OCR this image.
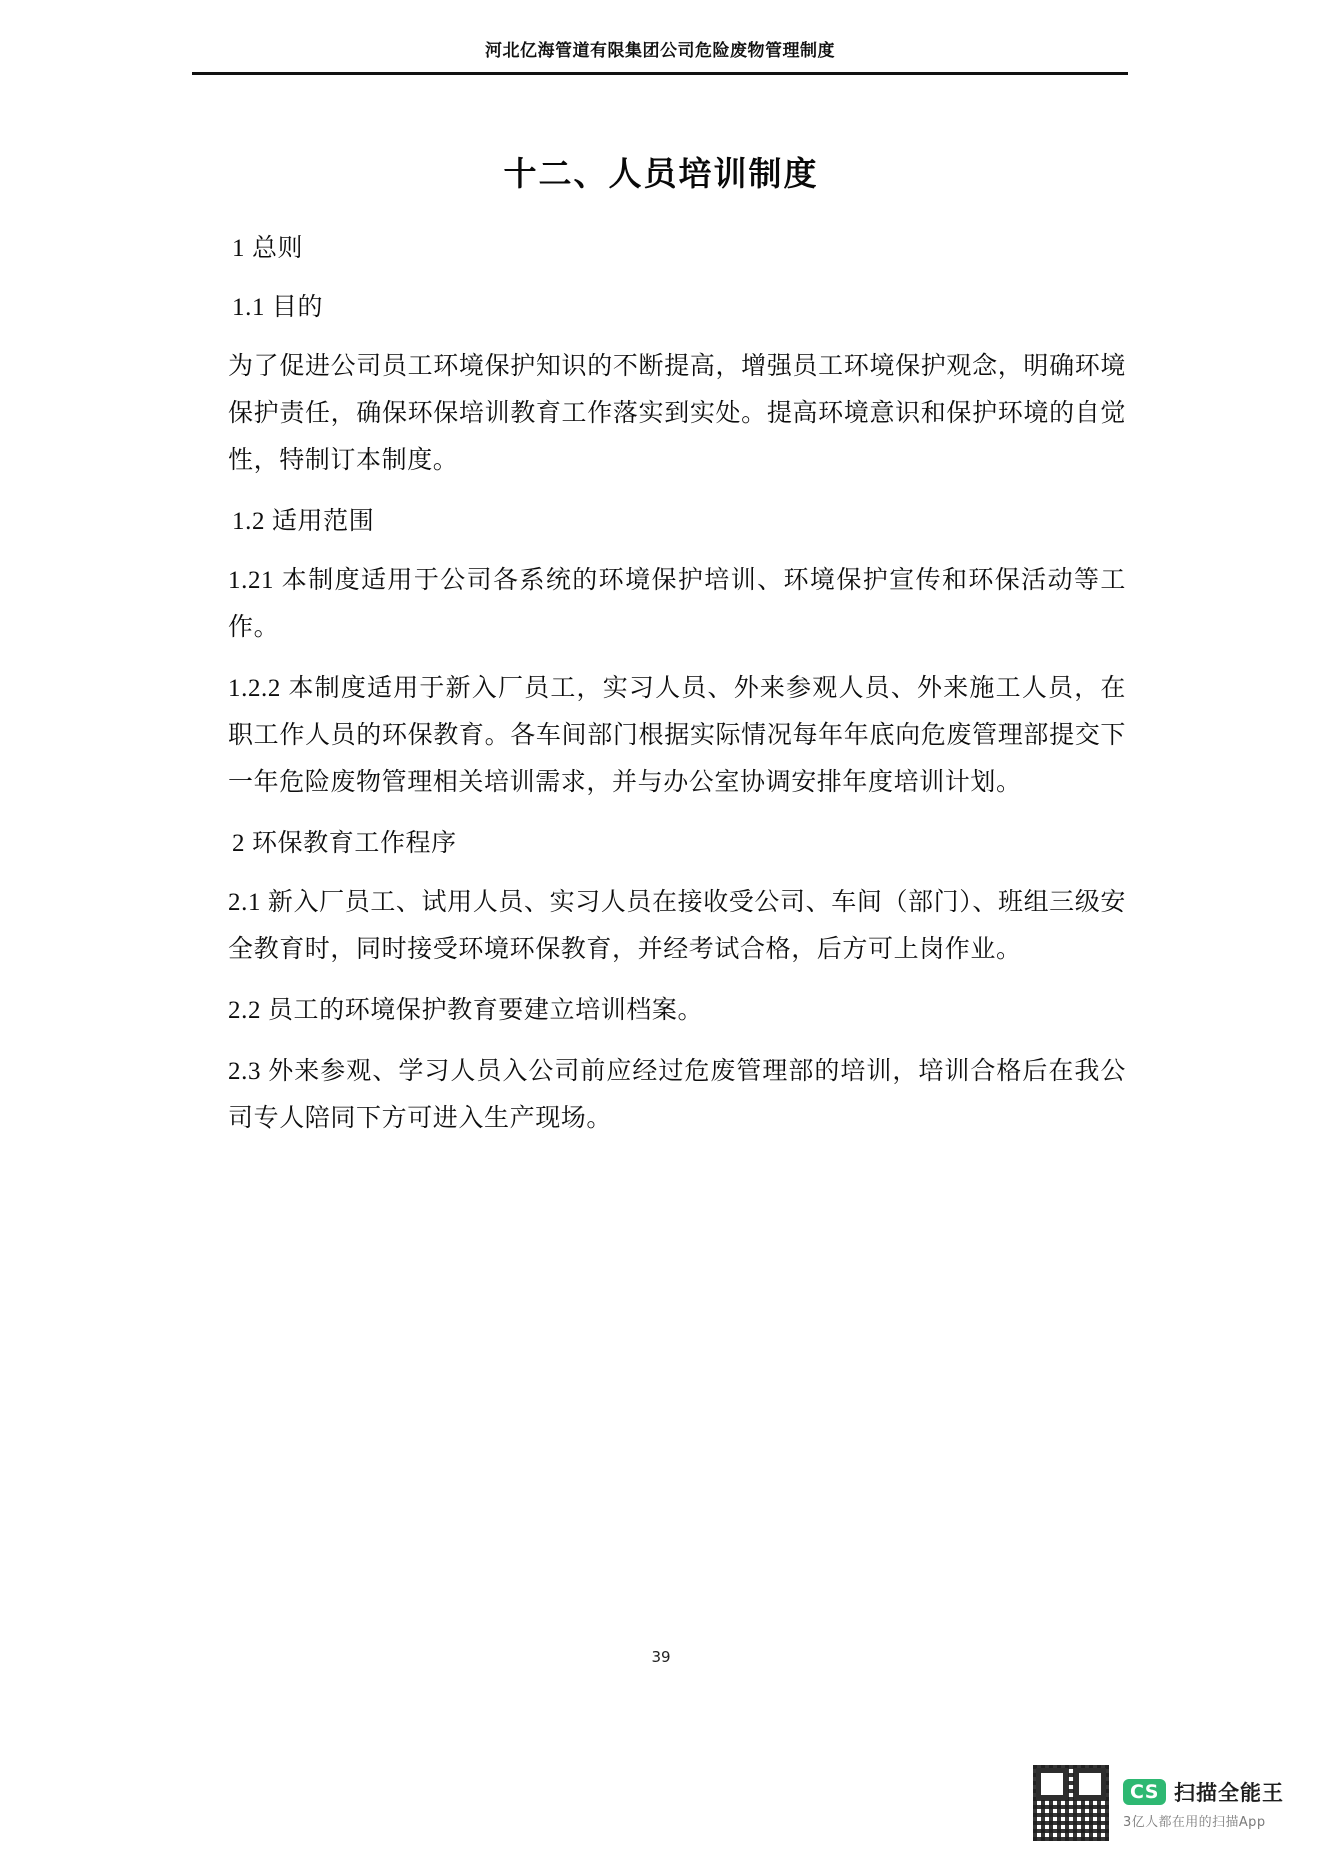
河北亿海管道有限集团公司危险废物管理制度
十二、人员培训制度

1 总则

1.1 目的

为了促进公司员工环境保护知识的不断提高，增强员工环境保护观念，明确环境保护责任，确保环保培训教育工作落实到实处。提高环境意识和保护环境的自觉性，特制订本制度。

1.2 适用范围

1.21 本制度适用于公司各系统的环境保护培训、环境保护宣传和环保活动等工作。

1.2.2 本制度适用于新入厂员工，实习人员、外来参观人员、外来施工人员，在职工作人员的环保教育。各车间部门根据实际情况每年年底向危废管理部提交下一年危险废物管理相关培训需求，并与办公室协调安排年度培训计划。

2 环保教育工作程序

2.1 新入厂员工、试用人员、实习人员在接收受公司、车间（部门）、班组三级安全教育时，同时接受环境环保教育，并经考试合格，后方可上岗作业。

2.2 员工的环境保护教育要建立培训档案。

2.3 外来参观、学习人员入公司前应经过危废管理部的培训，培训合格后在我公司专人陪同下方可进入生产现场。

39
CS 扫描全能王
3亿人都在用的扫描App
